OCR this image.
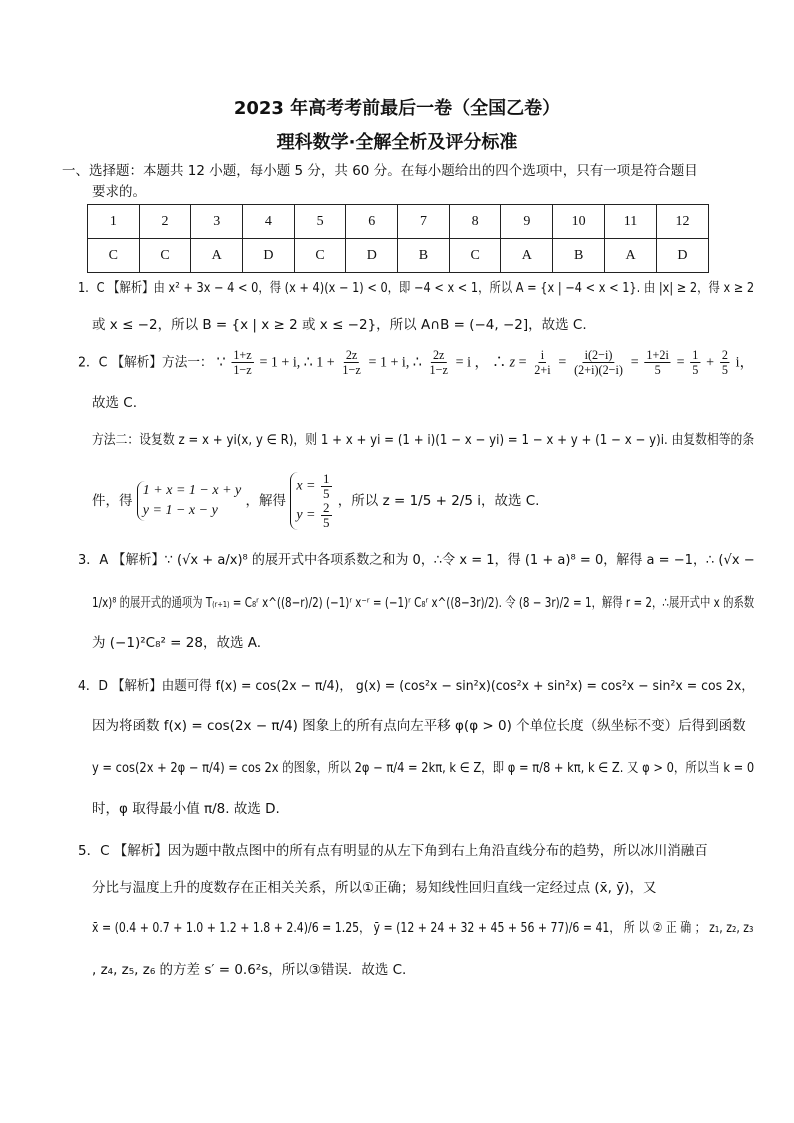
2023 年高考考前最后一卷（全国乙卷）
理科数学·全解全析及评分标准
一、选择题：本题共 12 小题，每小题 5 分，共 60 分。在每小题给出的四个选项中，只有一项是符合题目
要求的。
1	2	3	4	5	6	7	8	9	10	11	12
C	C	A	D	C	D	B	C	A	B	A	D
1．C 【解析】由 x² + 3x − 4 < 0，得 (x + 4)(x − 1) < 0，即 −4 < x < 1，所以 A = {x | −4 < x < 1}. 由 |x| ≥ 2，得 x ≥ 2
或 x ≤ −2，所以 B = {x | x ≥ 2 或 x ≤ −2}，所以 A∩B = (−4, −2]，故选 C.
2．C 【解析】方法一： ∵ $\frac{1+z}{1-z} = 1 + i$, ∴ $1 + \frac{2z}{1-z} = 1 + i$, ∴ $\frac{2z}{1-z} = i$ ， ∴ $z = \frac{i}{2+i} = \frac{i(2-i)}{(2+i)(2-i)} = \frac{1+2i}{5} = \frac{1}{5} + \frac{2}{5}$ i，
故选 C.
方法二：设复数 z = x + yi(x, y ∈ R)，则 1 + x + yi = (1 + i)(1 − x − yi) = 1 − x + y + (1 − x − y)i. 由复数相等的条
件，得 1 + x = 1 − x + y
y = 1 − x − y ，解得 $x = \frac{1}{5}$

$y = \frac{2}{5}$ ，所以 z = 1/5 + 2/5 i，故选 C.
3．A 【解析】∵ (√x + a/x)⁸ 的展开式中各项系数之和为 0，∴令 x = 1，得 (1 + a)⁸ = 0，解得 a = −1，∴ (√x −
1/x)⁸ 的展开式的通项为 T₍ᵣ₊₁₎ = C₈ʳ x^((8−r)/2) (−1)ʳ x⁻ʳ = (−1)ʳ C₈ʳ x^((8−3r)/2). 令 (8 − 3r)/2 = 1，解得 r = 2，∴展开式中 x 的系数
为 (−1)²C₈² = 28，故选 A.
4．D 【解析】由题可得 f(x) = cos(2x − π/4)， g(x) = (cos²x − sin²x)(cos²x + sin²x) = cos²x − sin²x = cos 2x，
因为将函数 f(x) = cos(2x − π/4) 图象上的所有点向左平移 φ(φ > 0) 个单位长度（纵坐标不变）后得到函数
y = cos(2x + 2φ − π/4) = cos 2x 的图象，所以 2φ − π/4 = 2kπ, k ∈ Z，即 φ = π/8 + kπ, k ∈ Z. 又 φ > 0，所以当 k = 0
时，φ 取得最小值 π/8. 故选 D.
5．C 【解析】因为题中散点图中的所有点有明显的从左下角到右上角沿直线分布的趋势，所以冰川消融百
分比与温度上升的度数存在正相关关系，所以①正确；易知线性回归直线一定经过点 (x̄, ȳ)，又
x̄ = (0.4 + 0.7 + 1.0 + 1.2 + 1.8 + 2.4)/6 = 1.25， ȳ = (12 + 24 + 32 + 45 + 56 + 77)/6 = 41， 所 以 ② 正 确 ； z₁, z₂, z₃
, z₄, z₅, z₆ 的方差 s′ = 0.6²s，所以③错误．故选 C.
